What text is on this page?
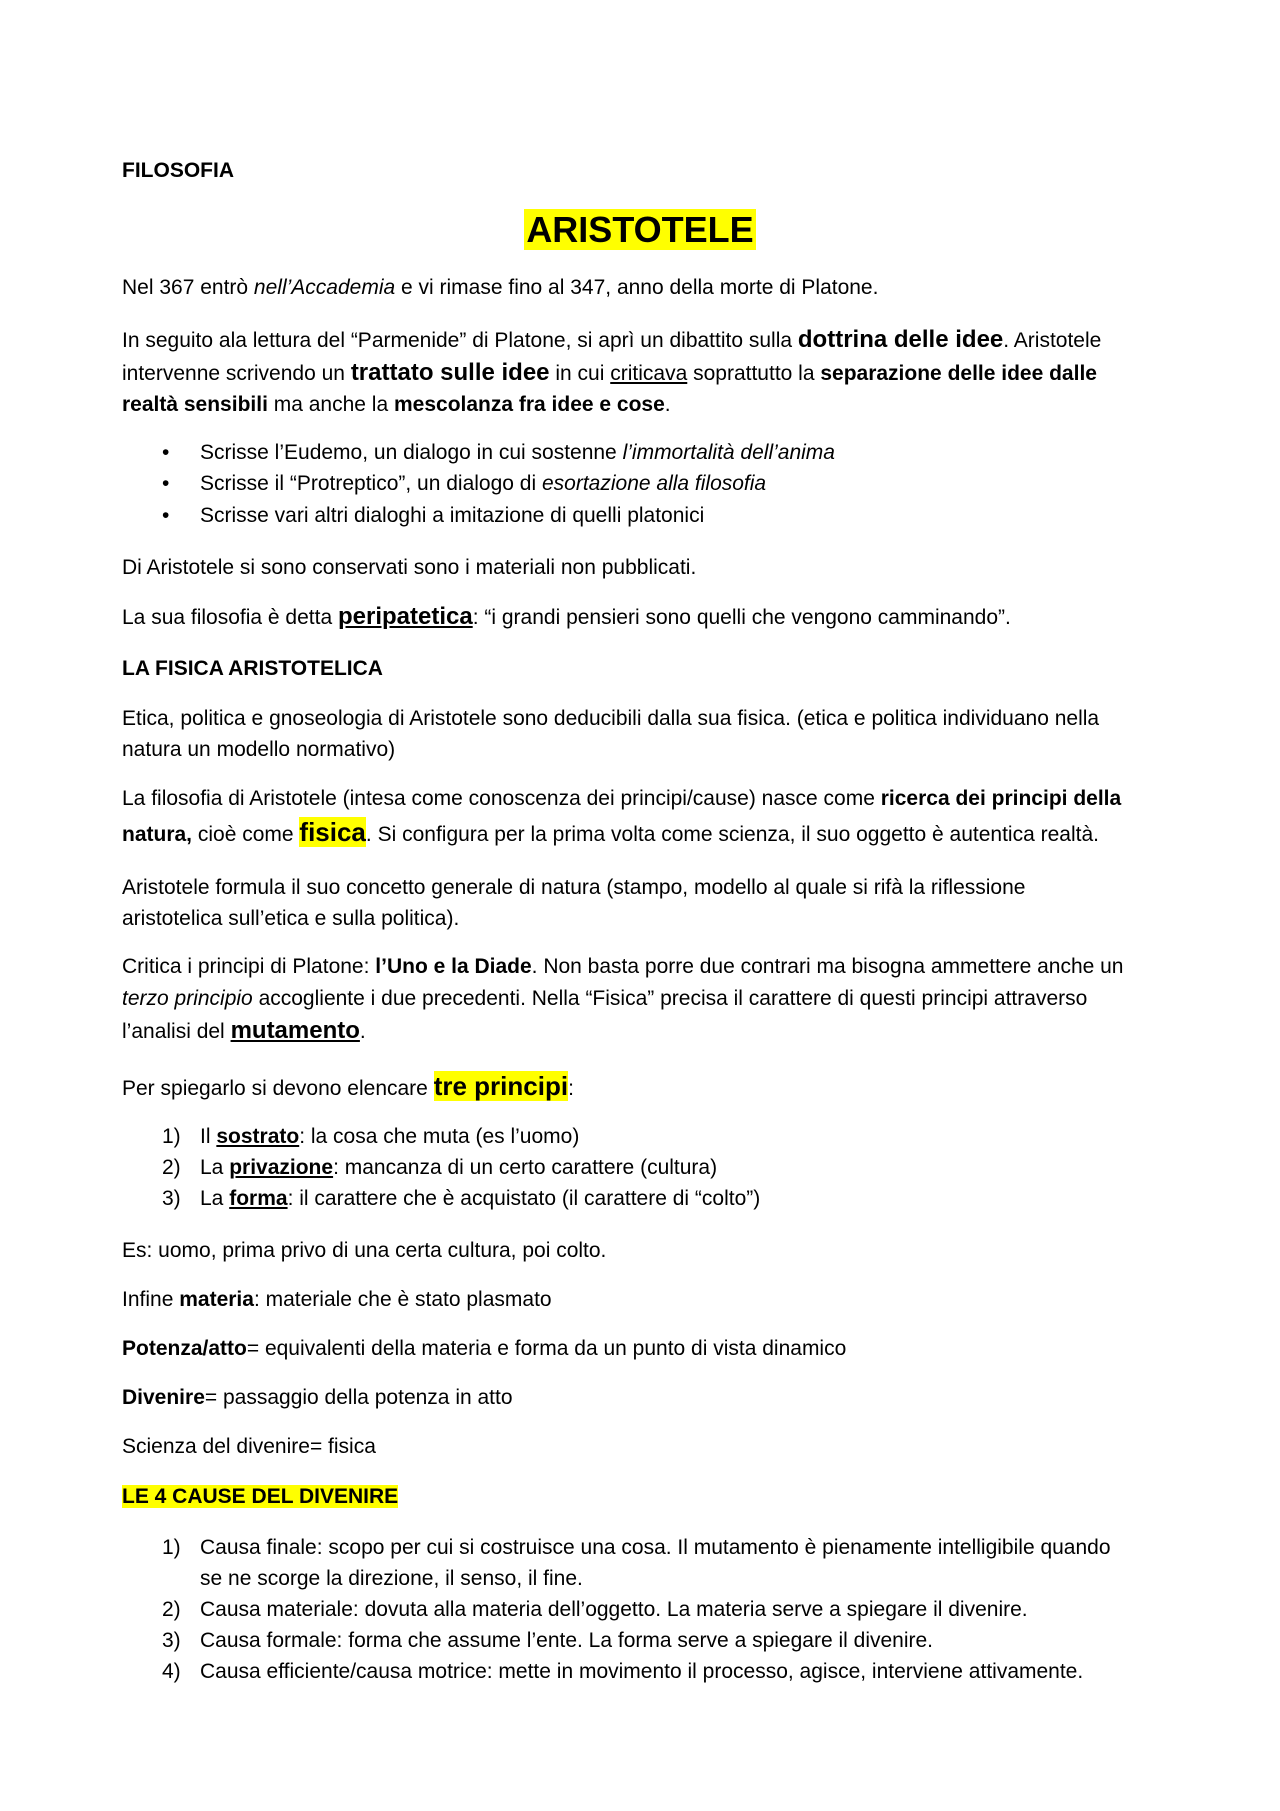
FILOSOFIA
ARISTOTELE
Nel 367 entrò nell’Accademia e vi rimase fino al 347, anno della morte di Platone.
In seguito ala lettura del “Parmenide” di Platone, si aprì un dibattito sulla dottrina delle idee. Aristotele
intervenne scrivendo un trattato sulle idee in cui criticava soprattutto la separazione delle idee dalle
realtà sensibili ma anche la mescolanza fra idee e cose.
• Scrisse l’Eudemo, un dialogo in cui sostenne l’immortalità dell’anima
• Scrisse il “Protreptico”, un dialogo di esortazione alla filosofia
• Scrisse vari altri dialoghi a imitazione di quelli platonici
Di Aristotele si sono conservati sono i materiali non pubblicati.
La sua filosofia è detta peripatetica: “i grandi pensieri sono quelli che vengono camminando”.
LA FISICA ARISTOTELICA
Etica, politica e gnoseologia di Aristotele sono deducibili dalla sua fisica. (etica e politica individuano nella
natura un modello normativo)
La filosofia di Aristotele (intesa come conoscenza dei principi/cause) nasce come ricerca dei principi della
natura, cioè come fisica. Si configura per la prima volta come scienza, il suo oggetto è autentica realtà.
Aristotele formula il suo concetto generale di natura (stampo, modello al quale si rifà la riflessione
aristotelica sull’etica e sulla politica).
Critica i principi di Platone: l’Uno e la Diade. Non basta porre due contrari ma bisogna ammettere anche un
terzo principio accogliente i due precedenti. Nella “Fisica” precisa il carattere di questi principi attraverso
l’analisi del mutamento.
Per spiegarlo si devono elencare tre principi:
1) Il sostrato: la cosa che muta (es l’uomo)
2) La privazione: mancanza di un certo carattere (cultura)
3) La forma: il carattere che è acquistato (il carattere di “colto”)
Es: uomo, prima privo di una certa cultura, poi colto.
Infine materia: materiale che è stato plasmato
Potenza/atto= equivalenti della materia e forma da un punto di vista dinamico
Divenire= passaggio della potenza in atto
Scienza del divenire= fisica
LE 4 CAUSE DEL DIVENIRE
1) Causa finale: scopo per cui si costruisce una cosa. Il mutamento è pienamente intelligibile quando
se ne scorge la direzione, il senso, il fine.
2) Causa materiale: dovuta alla materia dell’oggetto. La materia serve a spiegare il divenire.
3) Causa formale: forma che assume l’ente. La forma serve a spiegare il divenire.
4) Causa efficiente/causa motrice: mette in movimento il processo, agisce, interviene attivamente.
